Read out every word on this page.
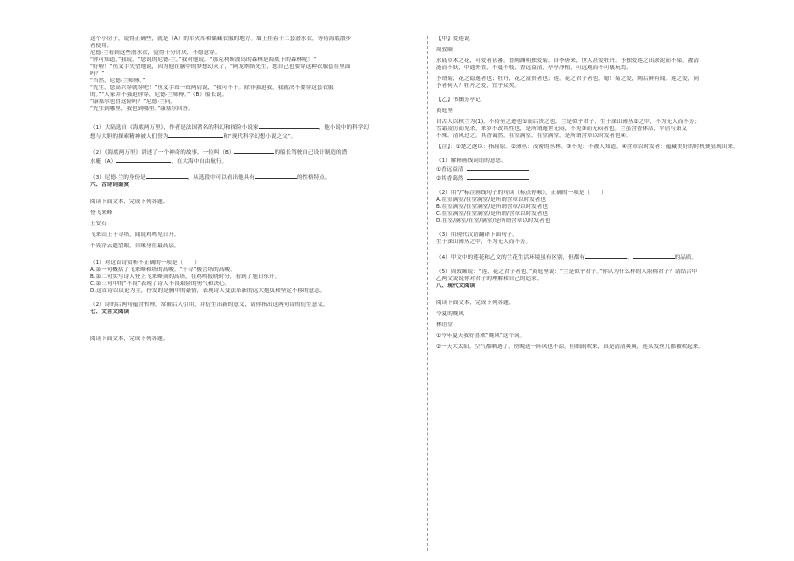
这个小房子，说得正确些，就是（A）的军火库和储藏衣服的地方。墙上挂着十二套潜水衣，等待海底散步
者使用。
尼德·兰看到这些潜水衣，觉得十分讨厌，不愿意穿。
“你可知道，”我说，“您说的尼德·兰，”我对他说，“那克利斯波岛的森林是海底下的森林呢！”
“好啦！”鱼叉手失望地说，因为他在脑中的梦想幻灭了，“阿龙纳斯先生，您自己也要穿这种衣服套在里面
吗？”
“当然，尼德·兰师傅。”
“先生，您高兴穿就穿吧！”鱼叉手耸一耸两肩说，“我可不干。除非强迫我，我就决不要穿这套衣服
的。”“人家并不强迫你穿，尼德·兰师傅。”（B）船长说。
“康塞尔也冒这险吗？”尼德·兰问。
“先生到哪里，我也到哪里。”康塞尔回答。
（1）大陆选自《海底两万里》，作者是法国著名的科幻和探险小说家	，他小说中的科学幻
想与大胆的探索精神被人们誉为	和“现代科学幻想小说之父”。
（2）《海底两万里》讲述了一个神奇的故事，一位叫（B）	的船长驾驶自己设计制造的潜
水艇（A）	，在大海中自由航行。
（3）尼德·兰的身份是	，从选段中可以看出他具有	的性格特点。
六、古诗词鉴赏
阅读下面文本，完成下列各题。
登飞来峰
王安石
飞来山上千寻塔，闻说鸡鸣见日升。
不畏浮云遮望眼，自缘身在最高层。
（1）对这首诗赏析不正确的一项是（　　）
A.第一句概括了飞来峰和塔的高峻。“千寻”极言塔的高峻。
B.第二句实写诗人登上飞来峰顶的高塔，在鸡鸣报晓时分，看到了旭日东升。
C.第三句中的“不畏”表现了诗人不畏艰险的勇气和决心。
D.这首诗以议论为主，抒发的是胸中的豪情，表现诗人变法革新的远大抱负和坚定不移的意志。
（2）诗的后两句蕴含哲理，常被后人引用，并衍生出新的意义，请你指出这两句诗的衍生意义。
七、文言文阅读
阅读下面文本，完成下列各题。
【甲】爱莲说
周敦颐
水陆草木之花，可爱者甚蕃。晋陶渊明独爱菊。自李唐来，世人甚爱牡丹。予独爱莲之出淤泥而不染，濯清
涟而不妖，中通外直，不蔓不枝，香远益清，亭亭净植，可远观而不可亵玩焉。
予谓菊，花之隐逸者也；牡丹，花之富贵者也；莲，花之君子者也。噫！菊之爱，陶后鲜有闻。莲之爱，同
予者何人？牡丹之爱，宜乎众矣。
【乙】书幽芳亭记
黄庭坚
自古人以秋兰为(1)，不待至之迹也①而后贵之也。兰是似乎君子，生于深山薄丛②之中，不为无人而不芳；
雪霜凌厉而见杀，来岁不改其性也，是所谓遁世无闷，不见③而无闷者也。兰虽含香体洁，平居与萧艾
不殊。清风过之，其香蔼然，在室满室，在堂满堂，是所谓含章以时发者也④。
【注】：①楚之逐臣：指屈原。②薄丛：茂密的丛林。③不见：不被人知道。④含章以时发者：蕴藏美好的时机便显现出来。
（1）解释画线词语的意思。
①香远益清
②其香蔼然
（2）用“/”标注画线句子的句读（标点停顿），正确的一项是（　　）
A.在室满室/在堂满堂/是所谓含章以时发者也
B.在室满室/在堂满堂/是所谓含章/以时发者也
C.在室满室/在堂满堂/是所谓/含章以时发者也
D.在室/满室/在堂/满堂/是所谓含章以时发者也
（3）用现代汉语翻译下面句子。
生于深山薄丛之中，不为无人而不芳。
（4）甲文中的莲花和乙文的兰花生活环境虽有区别，但都有	、	的品质。
（5）周敦颐说：“莲，花之君子者也。”黄庭坚说：“兰是似乎君子。”你认为什么样的人堪称君子？请结合甲
乙两文说说你对君子的理解和自己的追求。
八、现代文阅读
阅读下面文本，完成下列各题。
今夏的晚风
林语堂
①今年夏天我好喜欢“晚风”这个词。
②一天大太阳，空气都晒透了。傍晚送一阵风也不凉，但细雨吹来，真是清清爽爽，连头发丝儿都被吹起来。
